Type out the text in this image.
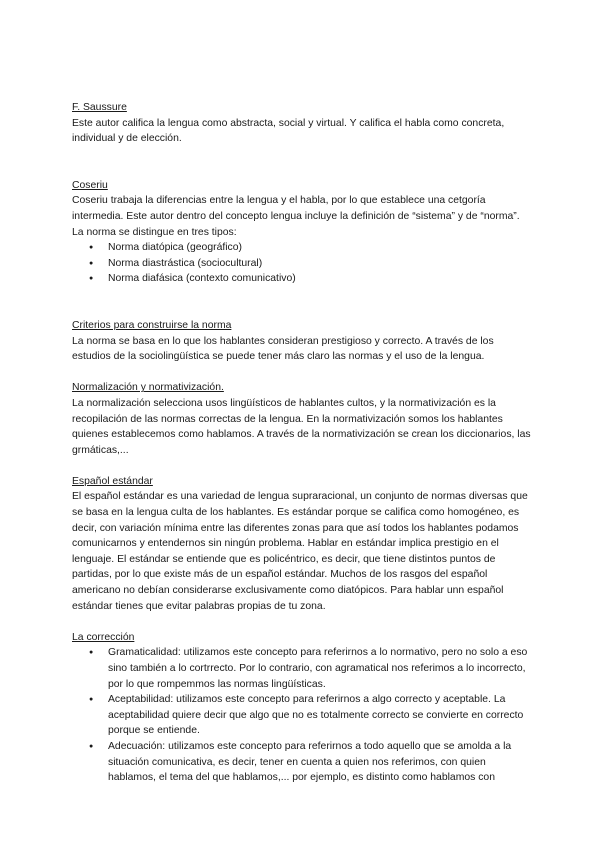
F. Saussure

Este autor califica la lengua como abstracta, social y virtual. Y califica el habla como concreta, individual y de elección.

Coseriu

Coseriu trabaja la diferencias entre la lengua y el habla, por lo que establece una cetgoría intermedia. Este autor dentro del concepto lengua incluye la definición de “sistema” y de “norma”.

La norma se distingue en tres tipos:

● Norma diatópica (geográfico)
● Norma diastrástica (sociocultural)
● Norma diafásica (contexto comunicativo)
Criterios para construirse la norma

La norma se basa en lo que los hablantes consideran prestigioso y correcto. A través de los estudios de la sociolingüística se puede tener más claro las normas y el uso de la lengua.

Normalización y normativización.

La normalización selecciona usos lingüísticos de hablantes cultos, y la normativización es la recopilación de las normas correctas de la lengua. En la normativización somos los hablantes quienes establecemos como hablamos. A través de la normativización se crean los diccionarios, las grmáticas,...

Español estándar

El español estándar es una variedad de lengua supraracional, un conjunto de normas diversas que se basa en la lengua culta de los hablantes. Es estándar porque se califica como homogéneo, es decir, con variación mínima entre las diferentes zonas para que así todos los hablantes podamos comunicarnos y entendernos sin ningún problema. Hablar en estándar implica prestigio en el lenguaje. El estándar se entiende que es policéntrico, es decir, que tiene distintos puntos de partidas, por lo que existe más de un español estándar. Muchos de los rasgos del español americano no debían considerarse exclusivamente como diatópicos. Para hablar unn español estándar tienes que evitar palabras propias de tu zona.

La corrección
● Gramaticalidad: utilizamos este concepto para referirnos a lo normativo, pero no solo a eso sino también a lo cortrrecto. Por lo contrario, con agramatical nos referimos a lo incorrecto, por lo que rompemmos las normas lingüísticas.
● Aceptabilidad: utilizamos este concepto para referirnos a algo correcto y aceptable. La aceptabilidad quiere decir que algo que no es totalmente correcto se convierte en correcto porque se entiende.
● Adecuación: utilizamos este concepto para referirnos a todo aquello que se amolda a la situación comunicativa, es decir, tener en cuenta a quien nos referimos, con quien hablamos, el tema del que hablamos,... por ejemplo, es distinto como hablamos con
